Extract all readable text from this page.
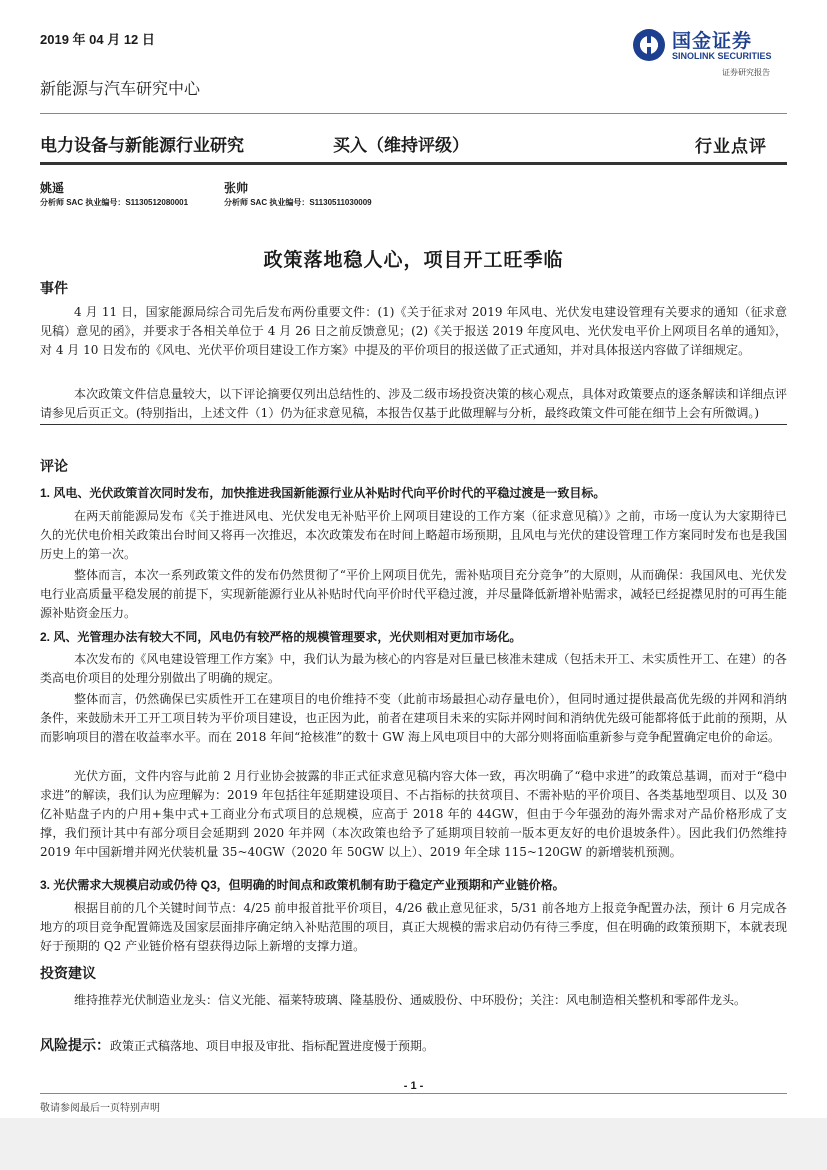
2019 年 04 月 12 日	国金证券
SINOLINK SECURITIES
证券研究报告
新能源与汽车研究中心
电力设备与新能源行业研究	买入（维持评级）	行业点评
姚遥
分析师 SAC 执业编号：S1130512080001
张帅
分析师 SAC 执业编号：S1130511030009
政策落地稳人心，项目开工旺季临
事件
4 月 11 日，国家能源局综合司先后发布两份重要文件：(1)《关于征求对 2019 年风电、光伏发电建设管理有关要求的通知（征求意见稿）意见的函》，并要求于各相关单位于 4 月 26 日之前反馈意见；(2)《关于报送 2019 年度风电、光伏发电平价上网项目名单的通知》，对 4 月 10 日发布的《风电、光伏平价项目建设工作方案》中提及的平价项目的报送做了正式通知，并对具体报送内容做了详细规定。
本次政策文件信息量较大，以下评论摘要仅列出总结性的、涉及二级市场投资决策的核心观点，具体对政策要点的逐条解读和详细点评请参见后页正文。(特别指出，上述文件（1）仍为征求意见稿，本报告仅基于此做理解与分析，最终政策文件可能在细节上会有所微调。)
评论
1. 风电、光伏政策首次同时发布，加快推进我国新能源行业从补贴时代向平价时代的平稳过渡是一致目标。
在两天前能源局发布《关于推进风电、光伏发电无补贴平价上网项目建设的工作方案（征求意见稿）》之前，市场一度认为大家期待已久的光伏电价相关政策出台时间又将再一次推迟，本次政策发布在时间上略超市场预期，且风电与光伏的建设管理工作方案同时发布也是我国历史上的第一次。
整体而言，本次一系列政策文件的发布仍然贯彻了“平价上网项目优先，需补贴项目充分竞争”的大原则，从而确保：我国风电、光伏发电行业高质量平稳发展的前提下，实现新能源行业从补贴时代向平价时代平稳过渡，并尽量降低新增补贴需求，减轻已经捉襟见肘的可再生能源补贴资金压力。
2. 风、光管理办法有较大不同，风电仍有较严格的规模管理要求，光伏则相对更加市场化。
本次发布的《风电建设管理工作方案》中，我们认为最为核心的内容是对巨量已核准未建成（包括未开工、未实质性开工、在建）的各类高电价项目的处理分别做出了明确的规定。
整体而言，仍然确保已实质性开工在建项目的电价维持不变（此前市场最担心动存量电价），但同时通过提供最高优先级的并网和消纳条件，来鼓励未开工开工项目转为平价项目建设，也正因为此，前者在建项目未来的实际并网时间和消纳优先级可能都将低于此前的预期，从而影响项目的潜在收益率水平。而在 2018 年间“抢核准”的数十 GW 海上风电项目中的大部分则将面临重新参与竞争配置确定电价的命运。
光伏方面，文件内容与此前 2 月行业协会披露的非正式征求意见稿内容大体一致，再次明确了“稳中求进”的政策总基调，而对于“稳中求进”的解读，我们认为应理解为：2019 年包括往年延期建设项目、不占指标的扶贫项目、不需补贴的平价项目、各类基地型项目、以及 30 亿补贴盘子内的户用+集中式+工商业分布式项目的总规模，应高于 2018 年的 44GW，但由于今年强劲的海外需求对产品价格形成了支撑，我们预计其中有部分项目会延期到 2020 年并网（本次政策也给予了延期项目较前一版本更友好的电价退坡条件）。因此我们仍然维持 2019 年中国新增并网光伏装机量 35~40GW（2020 年 50GW 以上）、2019 年全球 115~120GW 的新增装机预测。
3. 光伏需求大规模启动或仍待 Q3，但明确的时间点和政策机制有助于稳定产业预期和产业链价格。
根据目前的几个关键时间节点：4/25 前申报首批平价项目，4/26 截止意见征求，5/31 前各地方上报竞争配置办法，预计 6 月完成各地方的项目竞争配置筛选及国家层面排序确定纳入补贴范围的项目，真正大规模的需求启动仍有待三季度，但在明确的政策预期下，本就表现好于预期的 Q2 产业链价格有望获得边际上新增的支撑力道。
投资建议
维持推荐光伏制造业龙头：信义光能、福莱特玻璃、隆基股份、通威股份、中环股份；关注：风电制造相关整机和零部件龙头。
风险提示：政策正式稿落地、项目申报及审批、指标配置进度慢于预期。
- 1 -
敬请参阅最后一页特别声明
